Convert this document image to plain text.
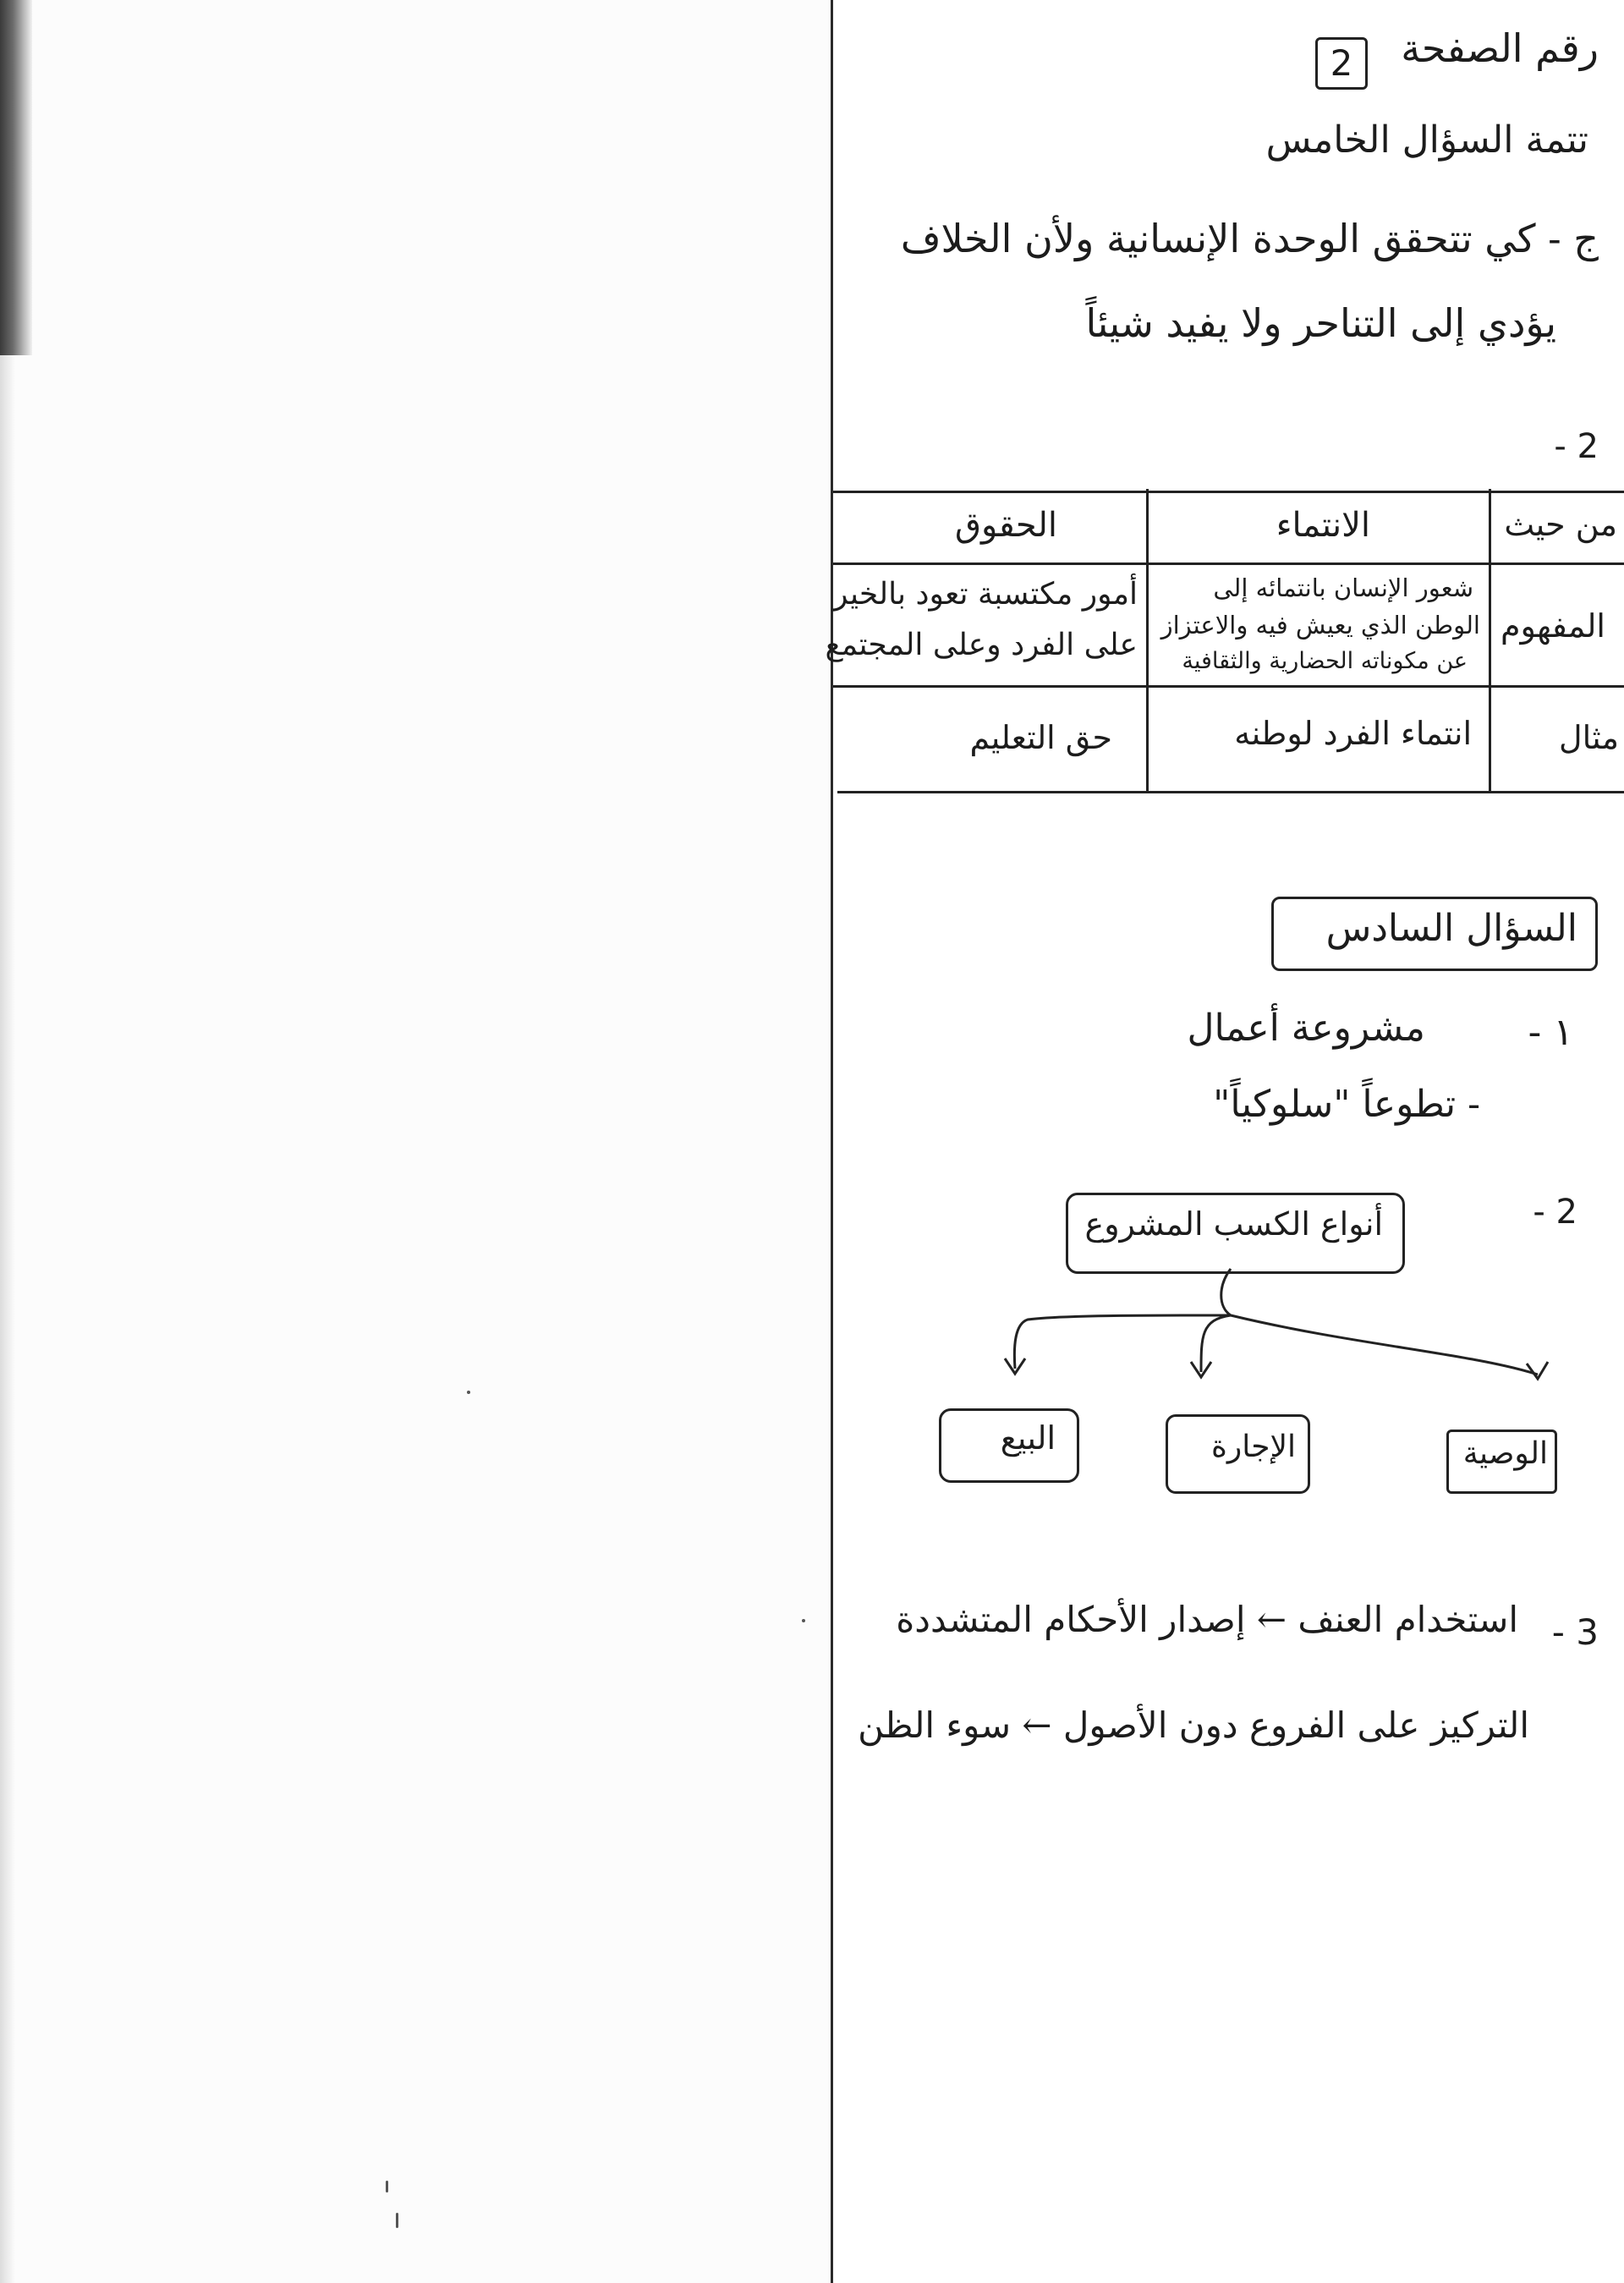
رقم الصفحة
2
تتمة السؤال الخامس
ج - كي تتحقق الوحدة الإنسانية ولأن الخلاف
يؤدي إلى التناحر ولا يفيد شيئاً
2 -
من حيث
الانتماء
الحقوق
المفهوم
شعور الإنسان بانتمائه إلى
الوطن الذي يعيش فيه والاعتزاز
عن مكوناته الحضارية والثقافية
أمور مكتسبة تعود بالخير
على الفرد وعلى المجتمع
مثال
انتماء الفرد لوطنه
حق التعليم
السؤال السادس
١ -
مشروعة أعمال
- تطوعاً "سلوكياً"
2 -
أنواع الكسب المشروع
الوصية
الإجارة
البيع
3 -
استخدام العنف ← إصدار الأحكام المتشددة
التركيز على الفروع دون الأصول ← سوء الظن
